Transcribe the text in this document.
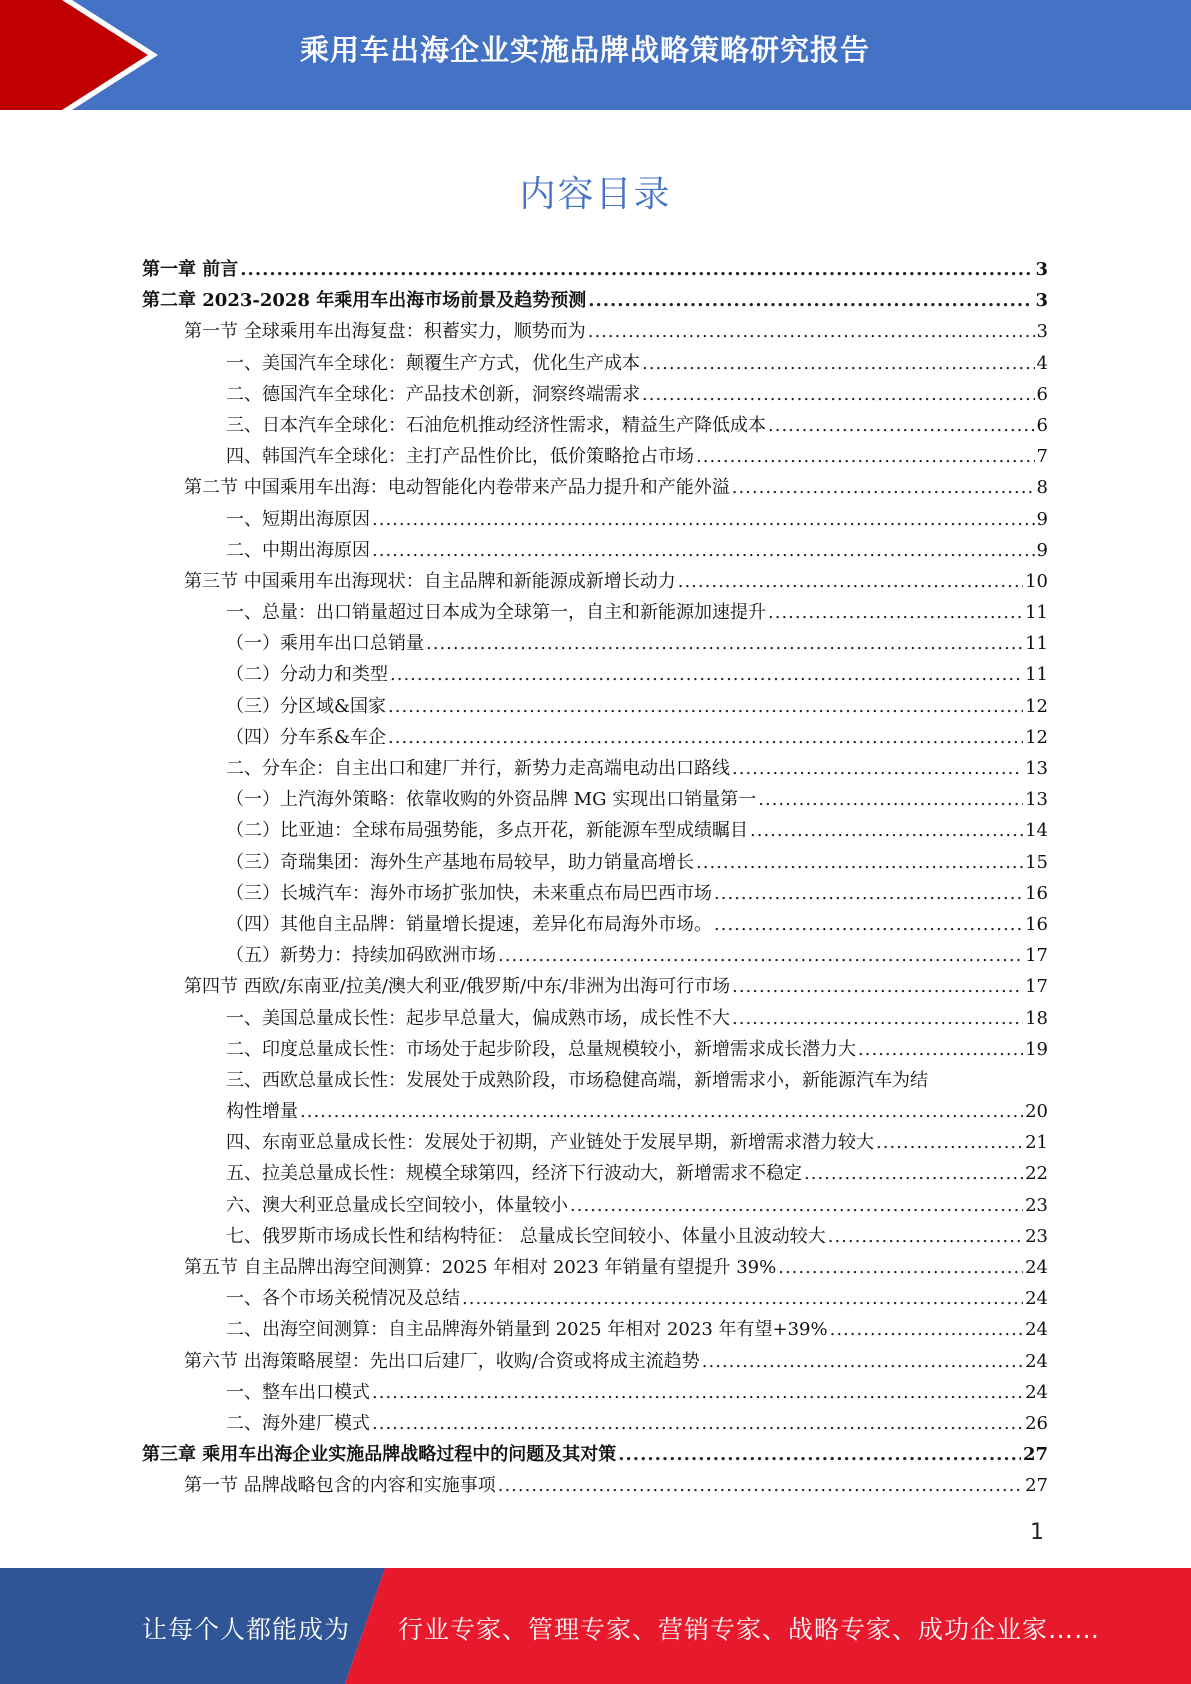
乘用车出海企业实施品牌战略策略研究报告
内容目录
第一章 前言 .....	3
第二章 2023-2028 年乘用车出海市场前景及趋势预测 .....	3
第一节 全球乘用车出海复盘：积蓄实力，顺势而为 .....	3
一、美国汽车全球化：颠覆生产方式，优化生产成本 .....	4
二、德国汽车全球化：产品技术创新，洞察终端需求 .....	6
三、日本汽车全球化：石油危机推动经济性需求，精益生产降低成本 .....	6
四、韩国汽车全球化：主打产品性价比，低价策略抢占市场 .....	7
第二节 中国乘用车出海：电动智能化内卷带来产品力提升和产能外溢 .....	8
一、短期出海原因 .....	9
二、中期出海原因 .....	9
第三节 中国乘用车出海现状：自主品牌和新能源成新增长动力 .....	10
一、总量：出口销量超过日本成为全球第一，自主和新能源加速提升 .....	11
（一）乘用车出口总销量 .....	11
（二）分动力和类型 .....	11
（三）分区域&国家 .....	12
（四）分车系&车企 .....	12
二、分车企：自主出口和建厂并行，新势力走高端电动出口路线 .....	13
（一）上汽海外策略：依靠收购的外资品牌 MG 实现出口销量第一 .....	13
（二）比亚迪：全球布局强势能，多点开花，新能源车型成绩瞩目 .....	14
（三）奇瑞集团：海外生产基地布局较早，助力销量高增长 .....	15
（三）长城汽车：海外市场扩张加快，未来重点布局巴西市场 .....	16
（四）其他自主品牌：销量增长提速，差异化布局海外市场。 .....	16
（五）新势力：持续加码欧洲市场 .....	17
第四节 西欧/东南亚/拉美/澳大利亚/俄罗斯/中东/非洲为出海可行市场 .....	17
一、美国总量成长性：起步早总量大，偏成熟市场，成长性不大 .....	18
二、印度总量成长性：市场处于起步阶段，总量规模较小，新增需求成长潜力大 .....	19
三、西欧总量成长性：发展处于成熟阶段，市场稳健高端，新增需求小，新能源汽车为结
构性增量 .....	20
四、东南亚总量成长性：发展处于初期，产业链处于发展早期，新增需求潜力较大 .....	21
五、拉美总量成长性：规模全球第四，经济下行波动大，新增需求不稳定 .....	22
六、澳大利亚总量成长空间较小，体量较小 .....	23
七、俄罗斯市场成长性和结构特征： 总量成长空间较小、体量小且波动较大 .....	23
第五节 自主品牌出海空间测算：2025 年相对 2023 年销量有望提升 39% .....	24
一、各个市场关税情况及总结 .....	24
二、出海空间测算：自主品牌海外销量到 2025 年相对 2023 年有望+39% .....	24
第六节 出海策略展望：先出口后建厂，收购/合资或将成主流趋势 .....	24
一、整车出口模式 .....	24
二、海外建厂模式 .....	26
第三章 乘用车出海企业实施品牌战略过程中的问题及其对策 .....	27
第一节 品牌战略包含的内容和实施事项 .....	27
1
让每个人都能成为 行业专家、管理专家、营销专家、战略专家、成功企业家……
